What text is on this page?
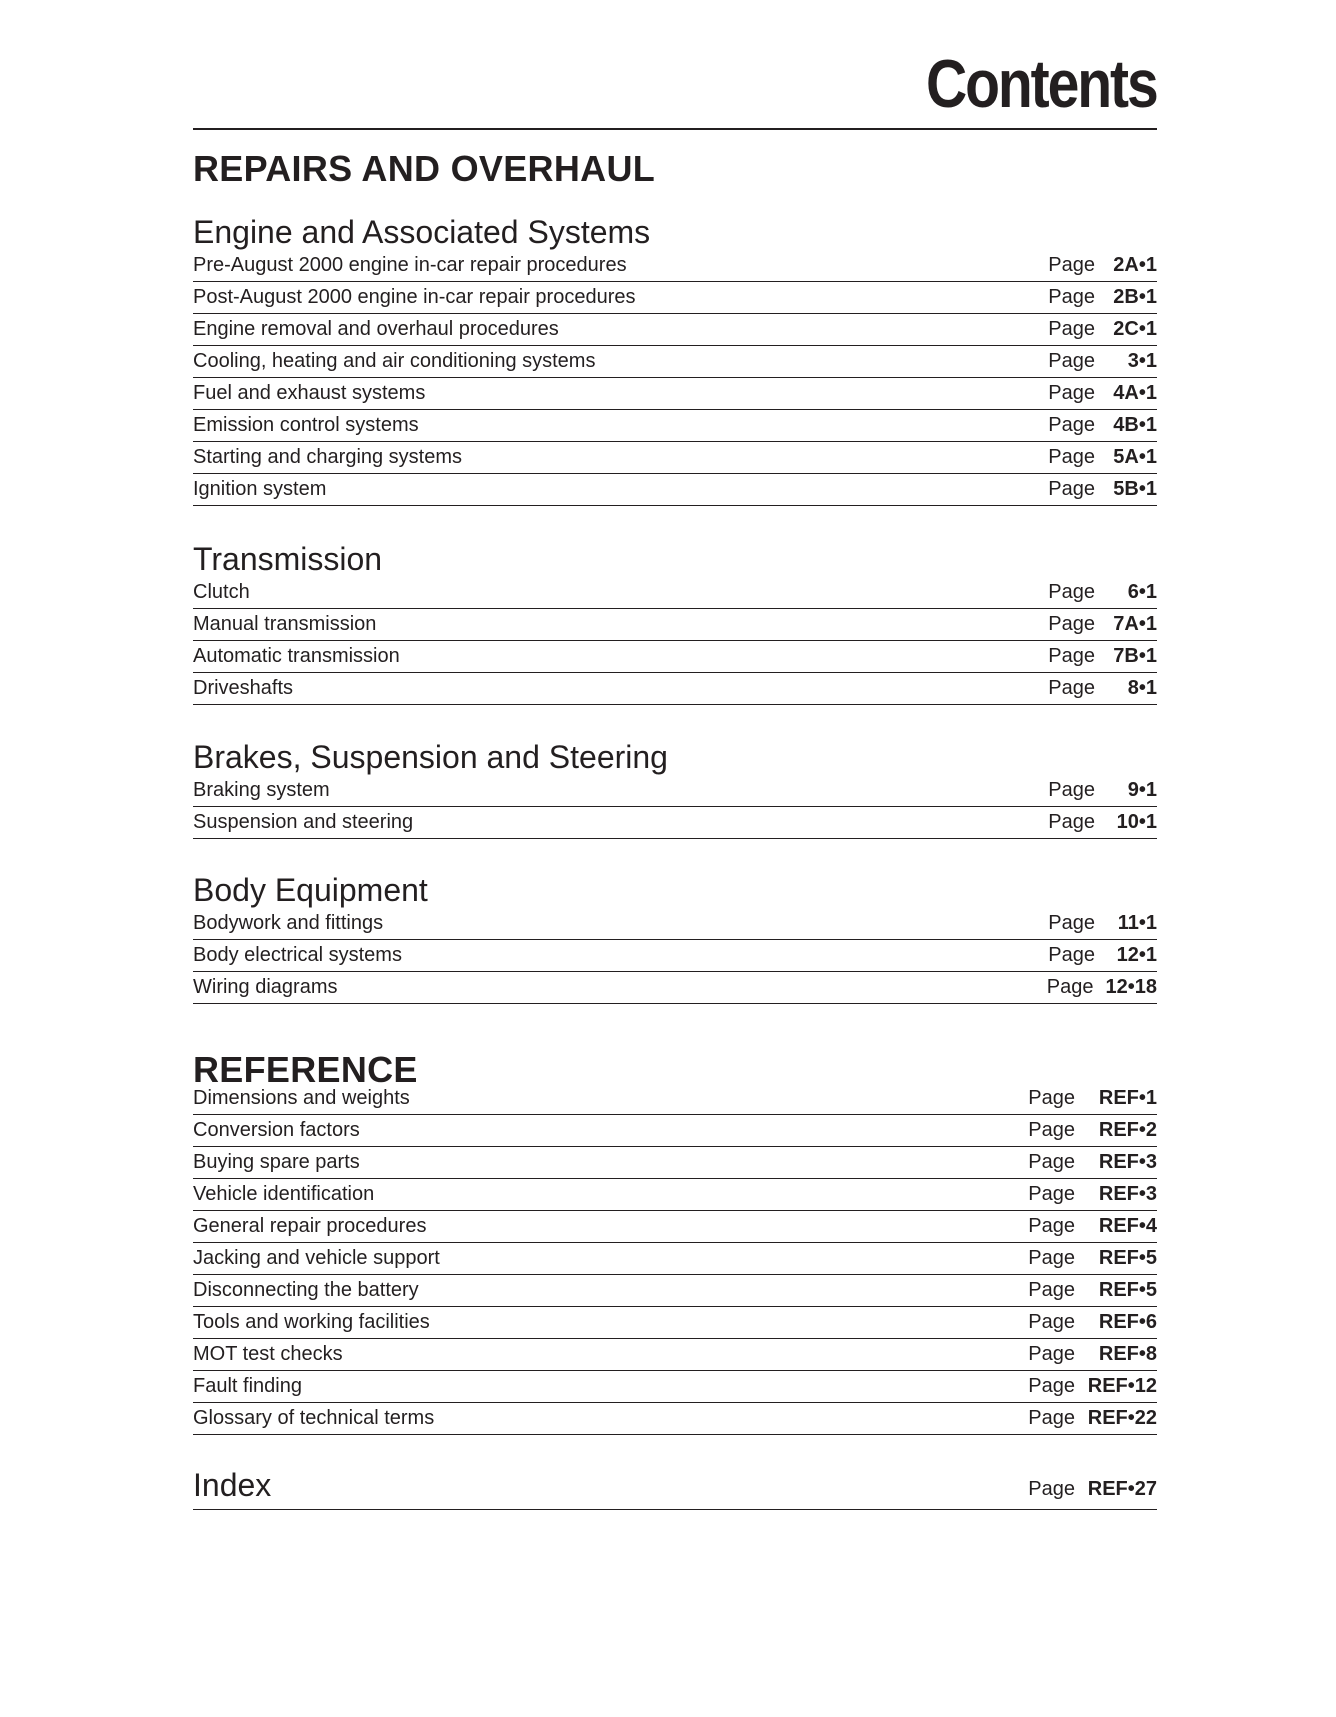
Contents
REPAIRS AND OVERHAUL
Engine and Associated Systems
Pre-August 2000 engine in-car repair procedures	Page 2A•1
Post-August 2000 engine in-car repair procedures	Page 2B•1
Engine removal and overhaul procedures	Page 2C•1
Cooling, heating and air conditioning systems	Page	3•1
Fuel and exhaust systems	Page 4A•1
Emission control systems	Page 4B•1
Starting and charging systems	Page 5A•1
Ignition system	Page 5B•1
Transmission
Clutch	Page	6•1
Manual transmission	Page 7A•1
Automatic transmission	Page 7B•1
Driveshafts	Page	8•1
Brakes, Suspension and Steering
Braking system	Page	9•1
Suspension and steering	Page	10•1
Body Equipment
Bodywork and fittings	Page	11•1
Body electrical systems	Page	12•1
Wiring diagrams	Page 12•18
REFERENCE
Dimensions and weights	Page	REF•1
Conversion factors	Page	REF•2
Buying spare parts	Page	REF•3
Vehicle identification	Page	REF•3
General repair procedures	Page	REF•4
Jacking and vehicle support	Page	REF•5
Disconnecting the battery	Page	REF•5
Tools and working facilities	Page	REF•6
MOT test checks	Page	REF•8
Fault finding	Page REF•12
Glossary of technical terms	Page REF•22
Index	Page REF•27
